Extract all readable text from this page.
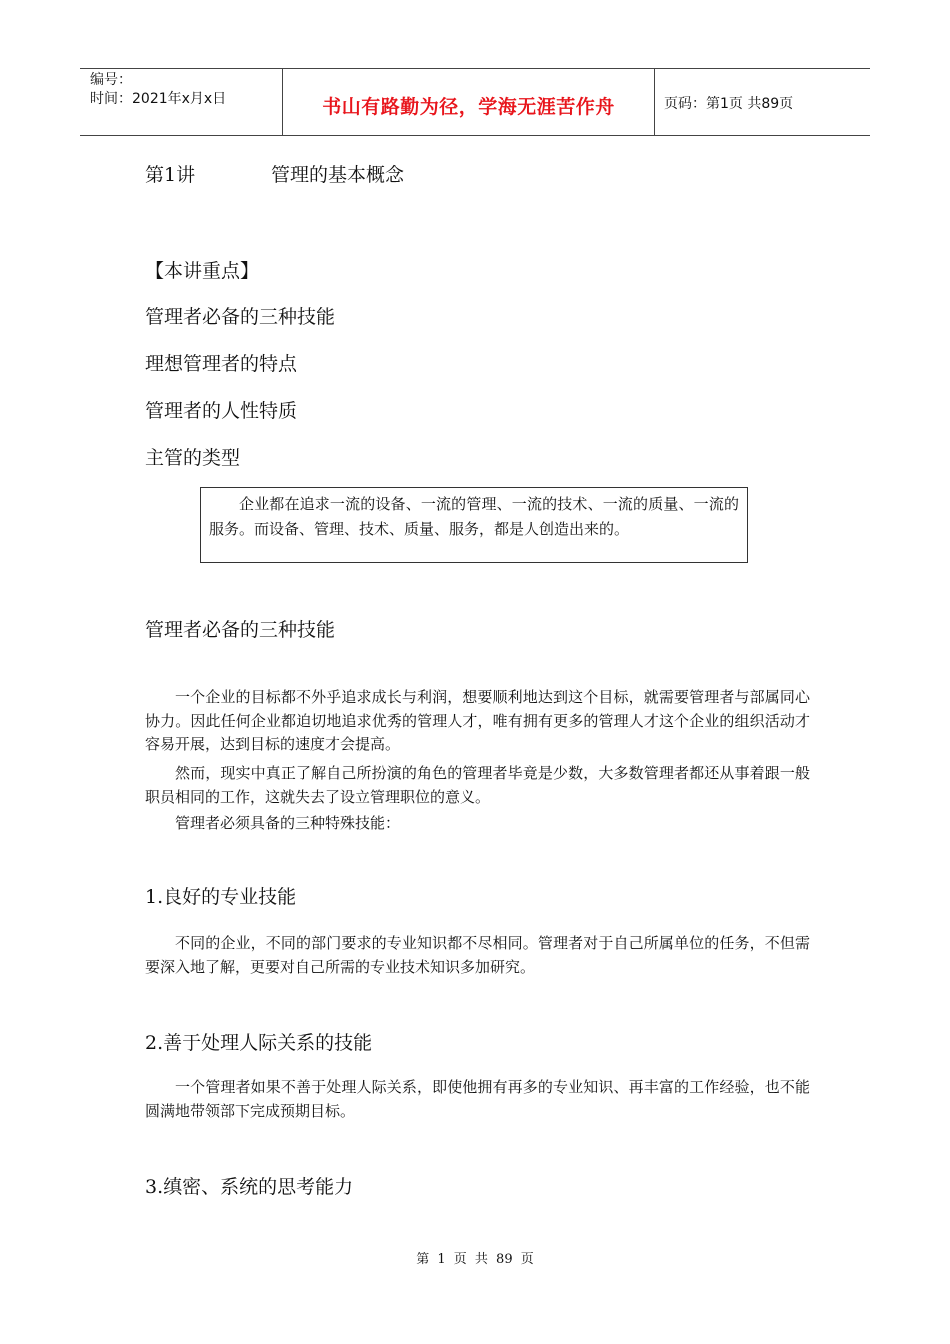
编号：
时间：2021年x月x日	书山有路勤为径，学海无涯苦作舟	页码：第1页 共89页
第1讲	管理的基本概念
【本讲重点】
管理者必备的三种技能
理想管理者的特点
管理者的人性特质
主管的类型
企业都在追求一流的设备、一流的管理、一流的技术、一流的质量、一流的服务。而设备、管理、技术、质量、服务，都是人创造出来的。
管理者必备的三种技能
一个企业的目标都不外乎追求成长与利润，想要顺利地达到这个目标，就需要管理者与部属同心协力。因此任何企业都迫切地追求优秀的管理人才，唯有拥有更多的管理人才这个企业的组织活动才容易开展，达到目标的速度才会提高。
然而，现实中真正了解自己所扮演的角色的管理者毕竟是少数，大多数管理者都还从事着跟一般职员相同的工作，这就失去了设立管理职位的意义。
管理者必须具备的三种特殊技能：
1.良好的专业技能
不同的企业，不同的部门要求的专业知识都不尽相同。管理者对于自己所属单位的任务，不但需要深入地了解，更要对自己所需的专业技术知识多加研究。
2.善于处理人际关系的技能
一个管理者如果不善于处理人际关系，即使他拥有再多的专业知识、再丰富的工作经验，也不能圆满地带领部下完成预期目标。
3.缜密、系统的思考能力
第 1 页 共 89 页
